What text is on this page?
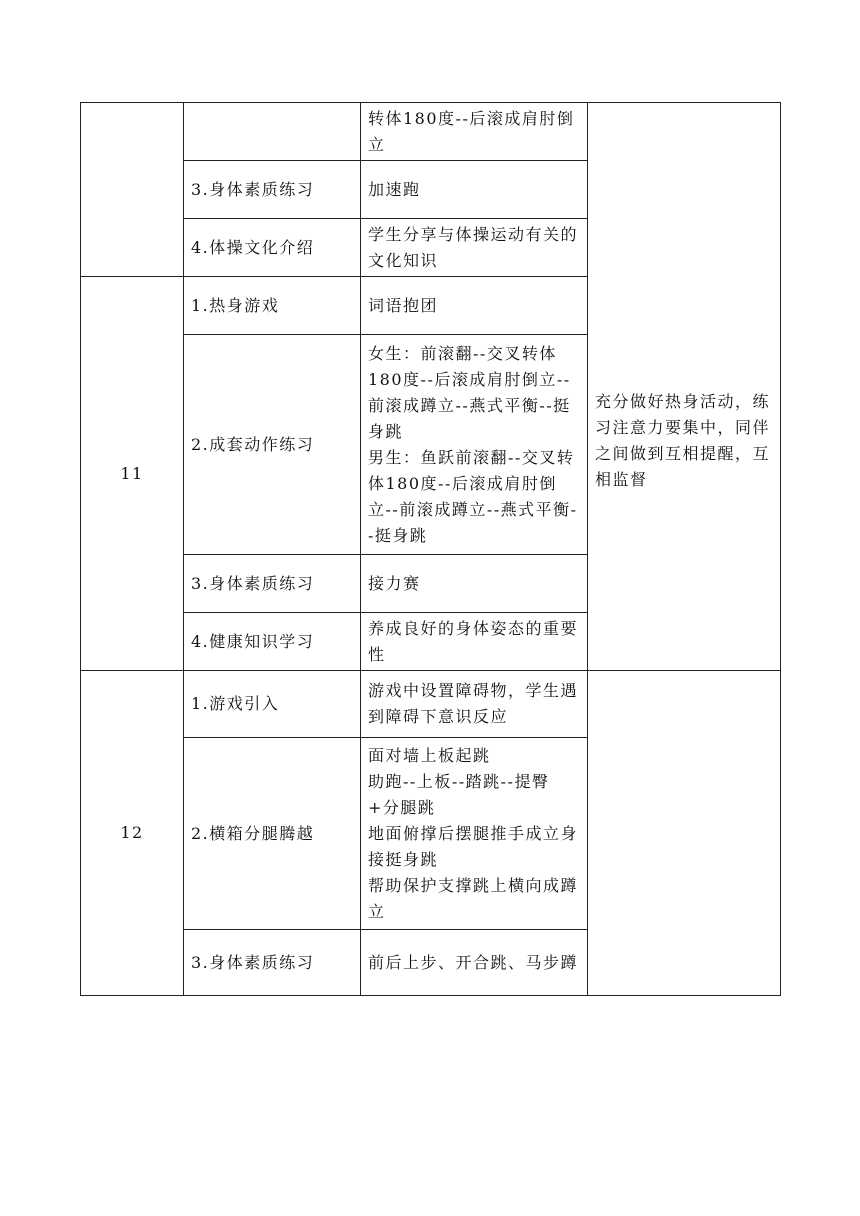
		转体180度--后滚成肩肘倒立	充分做好热身活动，练习注意力要集中，同伴之间做到互相提醒，互相监督

	3.身体素质练习	加速跑	

	4.体操文化介绍	学生分享与体操运动有关的文化知识	

11	1.热身游戏	词语抱团	

	2.成套动作练习	女生：前滚翻--交叉转体180度--后滚成肩肘倒立--前滚成蹲立--燕式平衡--挺身跳
男生：鱼跃前滚翻--交叉转体180度--后滚成肩肘倒立--前滚成蹲立--燕式平衡--挺身跳	

	3.身体素质练习	接力赛	

	4.健康知识学习	养成良好的身体姿态的重要性	

12	1.游戏引入	游戏中设置障碍物，学生遇到障碍下意识反应	

	2.横箱分腿腾越	面对墙上板起跳
助跑--上板--踏跳--提臀+分腿跳
地面俯撑后摆腿推手成立身接挺身跳
帮助保护支撑跳上横向成蹲立	

	3.身体素质练习	前后上步、开合跳、马步蹲	
